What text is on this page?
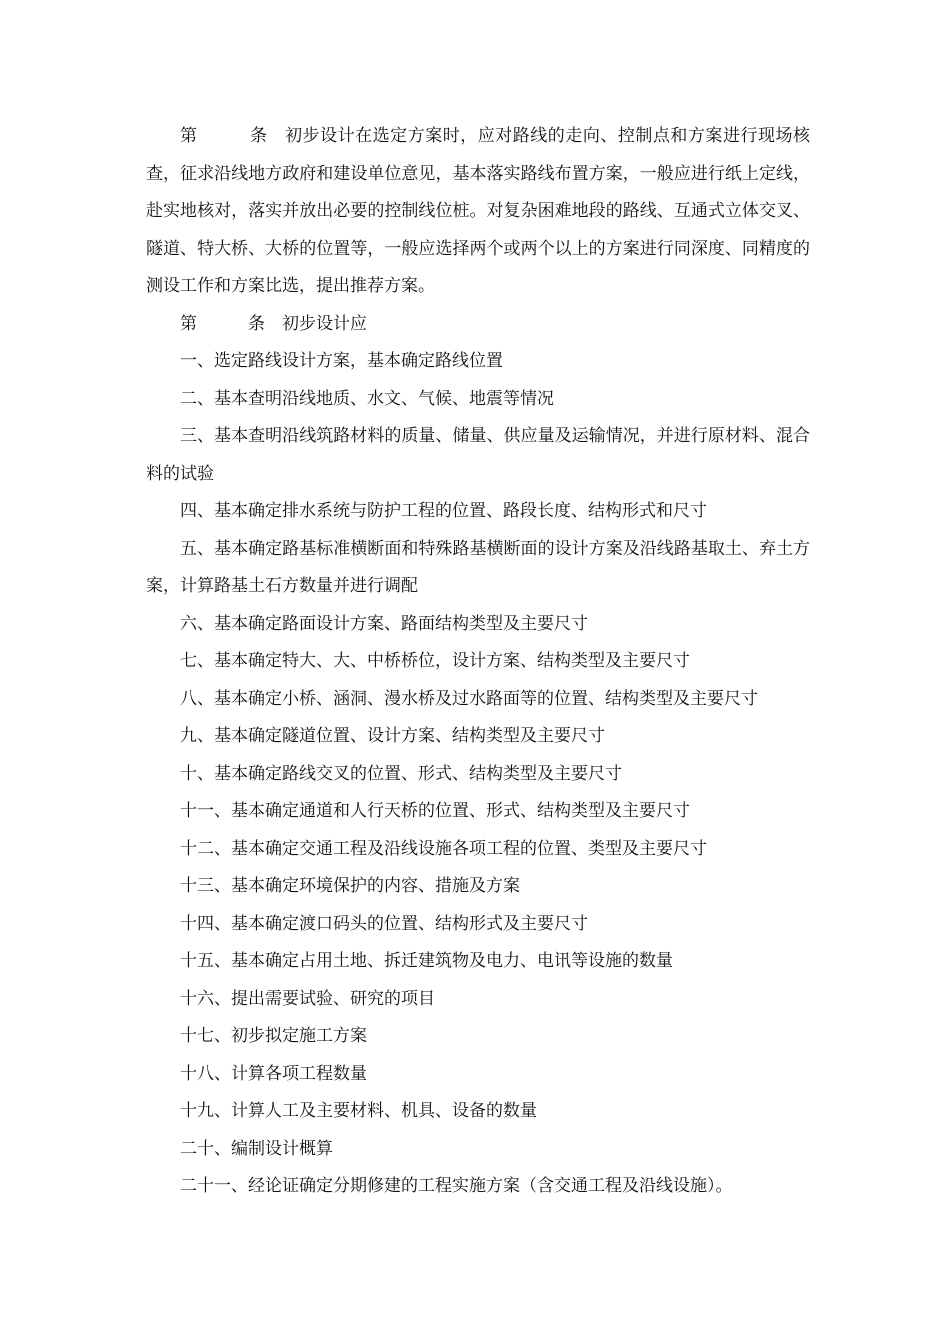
第　　　条　初步设计在选定方案时，应对路线的走向、控制点和方案进行现场核查，征求沿线地方政府和建设单位意见，基本落实路线布置方案，一般应进行纸上定线，赴实地核对，落实并放出必要的控制线位桩。对复杂困难地段的路线、互通式立体交叉、隧道、特大桥、大桥的位置等，一般应选择两个或两个以上的方案进行同深度、同精度的测设工作和方案比选，提出推荐方案。

第　　　条　初步设计应

一、选定路线设计方案，基本确定路线位置

二、基本查明沿线地质、水文、气候、地震等情况

三、基本查明沿线筑路材料的质量、储量、供应量及运输情况，并进行原材料、混合料的试验

四、基本确定排水系统与防护工程的位置、路段长度、结构形式和尺寸

五、基本确定路基标准横断面和特殊路基横断面的设计方案及沿线路基取土、弃土方案，计算路基土石方数量并进行调配

六、基本确定路面设计方案、路面结构类型及主要尺寸

七、基本确定特大、大、中桥桥位，设计方案、结构类型及主要尺寸

八、基本确定小桥、涵洞、漫水桥及过水路面等的位置、结构类型及主要尺寸

九、基本确定隧道位置、设计方案、结构类型及主要尺寸

十、基本确定路线交叉的位置、形式、结构类型及主要尺寸

十一、基本确定通道和人行天桥的位置、形式、结构类型及主要尺寸

十二、基本确定交通工程及沿线设施各项工程的位置、类型及主要尺寸

十三、基本确定环境保护的内容、措施及方案

十四、基本确定渡口码头的位置、结构形式及主要尺寸

十五、基本确定占用土地、拆迁建筑物及电力、电讯等设施的数量

十六、提出需要试验、研究的项目

十七、初步拟定施工方案

十八、计算各项工程数量

十九、计算人工及主要材料、机具、设备的数量

二十、编制设计概算

二十一、经论证确定分期修建的工程实施方案（含交通工程及沿线设施）。
